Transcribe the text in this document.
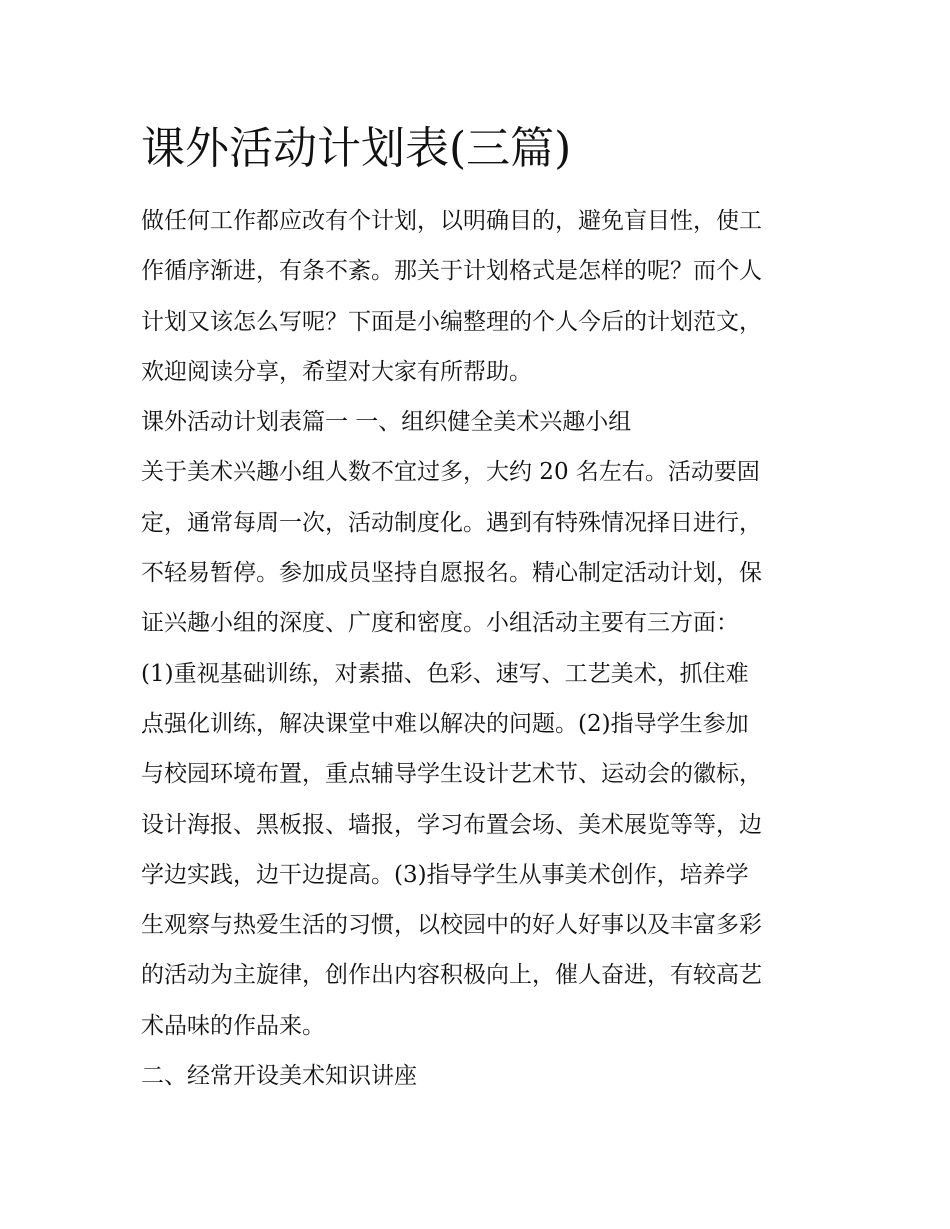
课外活动计划表(三篇)
做任何工作都应改有个计划，以明确目的，避免盲目性，使工
作循序渐进，有条不紊。那关于计划格式是怎样的呢？而个人
计划又该怎么写呢？下面是小编整理的个人今后的计划范文，
欢迎阅读分享，希望对大家有所帮助。
课外活动计划表篇一 一、组织健全美术兴趣小组
关于美术兴趣小组人数不宜过多，大约 20 名左右。活动要固
定，通常每周一次，活动制度化。遇到有特殊情况择日进行，
不轻易暂停。参加成员坚持自愿报名。精心制定活动计划，保
证兴趣小组的深度、广度和密度。小组活动主要有三方面：
(1)重视基础训练，对素描、色彩、速写、工艺美术，抓住难
点强化训练，解决课堂中难以解决的问题。(2)指导学生参加
与校园环境布置，重点辅导学生设计艺术节、运动会的徽标，
设计海报、黑板报、墙报，学习布置会场、美术展览等等，边
学边实践，边干边提高。(3)指导学生从事美术创作，培养学
生观察与热爱生活的习惯，以校园中的好人好事以及丰富多彩
的活动为主旋律，创作出内容积极向上，催人奋进，有较高艺
术品味的作品来。
二、经常开设美术知识讲座
